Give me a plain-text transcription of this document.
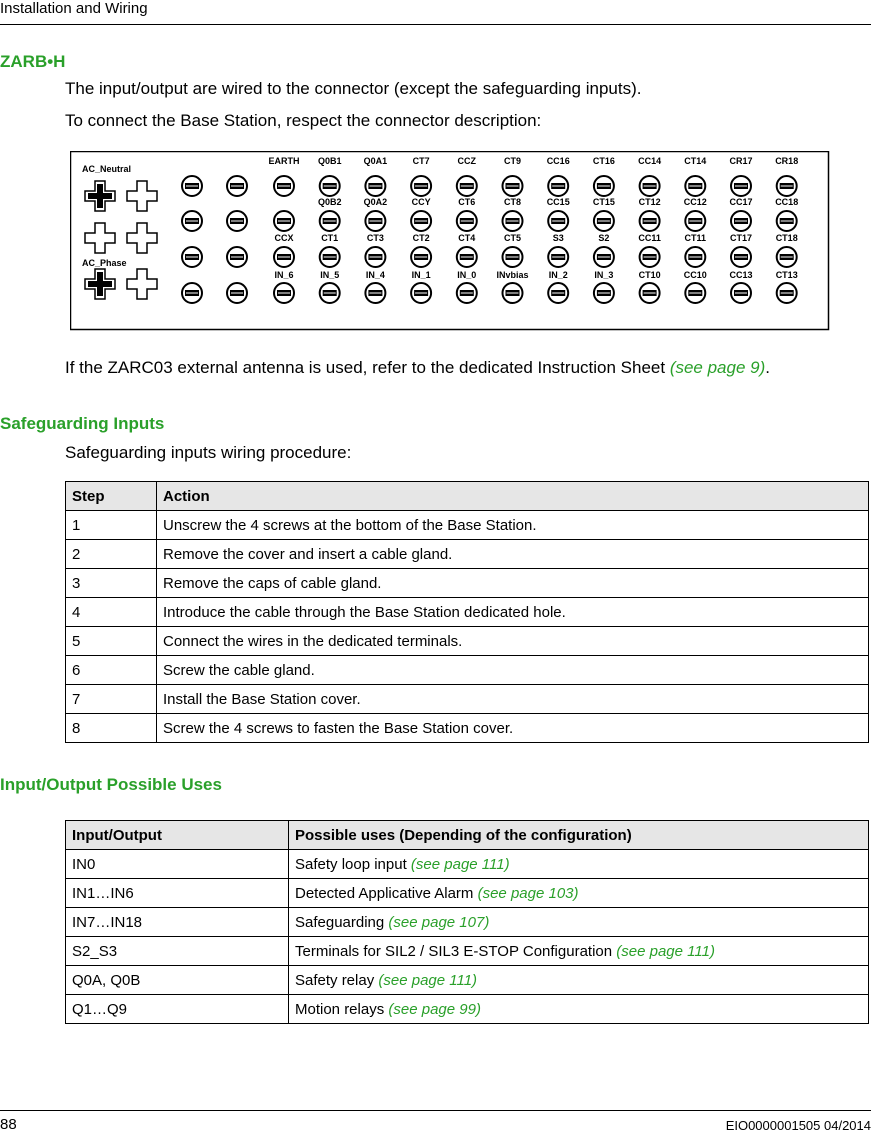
Installation and Wiring
ZARB•H
The input/output are wired to the connector (except the safeguarding inputs).
To connect the Base Station, respect the connector description:
AC_Neutral
AC_Phase
EARTH
CCX
IN_6
Q0B1
Q0B2
CT1
IN_5
Q0A1
Q0A2
CT3
IN_4
CT7
CCY
CT2
IN_1
CCZ
CT6
CT4
IN_0
CT9
CT8
CT5
INvbias
CC16
CC15
S3
IN_2
CT16
CT15
S2
IN_3
CC14
CT12
CC11
CT10
CT14
CC12
CT11
CC10
CR17
CC17
CT17
CC13
CR18
CC18
CT18
CT13
If the ZARC03 external antenna is used, refer to the dedicated Instruction Sheet (see page 9).
Safeguarding Inputs
Safeguarding inputs wiring procedure:
Step	Action
1	Unscrew the 4 screws at the bottom of the Base Station.
2	Remove the cover and insert a cable gland.
3	Remove the caps of cable gland.
4	Introduce the cable through the Base Station dedicated hole.
5	Connect the wires in the dedicated terminals.
6	Screw the cable gland.
7	Install the Base Station cover.
8	Screw the 4 screws to fasten the Base Station cover.
Input/Output Possible Uses
Input/Output	Possible uses (Depending of the configuration)
IN0	Safety loop input (see page 111)
IN1…IN6	Detected Applicative Alarm (see page 103)
IN7…IN18	Safeguarding (see page 107)
S2_S3	Terminals for SIL2 / SIL3 E-STOP Configuration (see page 111)
Q0A, Q0B	Safety relay (see page 111)
Q1…Q9	Motion relays (see page 99)
88	EIO0000001505 04/2014
